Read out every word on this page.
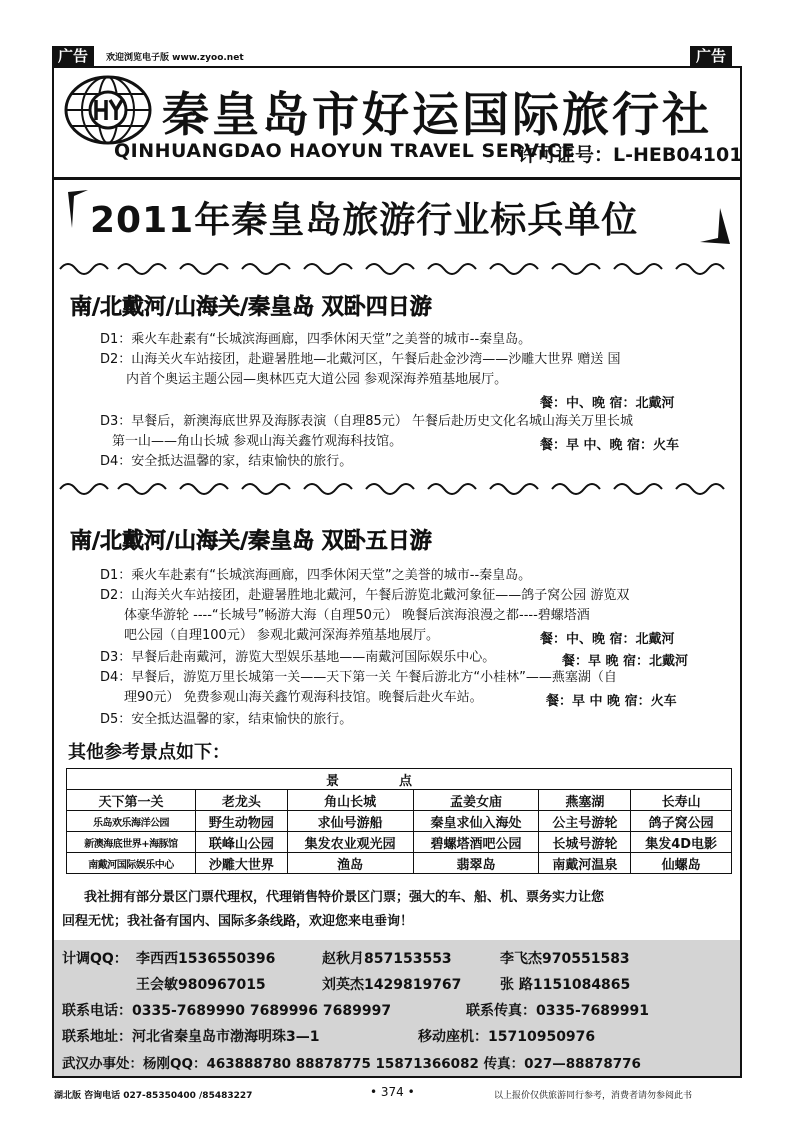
广告	欢迎浏览电子版 www.zyoo.net	广告
秦皇岛市好运国际旅行社
QINHUANGDAO HAOYUN TRAVEL SERVICE
许可证号：L-HEB04101
2011年秦皇岛旅游行业标兵单位
南/北戴河/山海关/秦皇岛 双卧四日游
D1：乘火车赴素有“长城滨海画廊，四季休闲天堂”之美誉的城市--秦皇岛。
D2：山海关火车站接团，赴避暑胜地—北戴河区，午餐后赴金沙湾——沙雕大世界 赠送 国
内首个奥运主题公园—奥林匹克大道公园 参观深海养殖基地展厅。
餐：中、晚 宿：北戴河
D3：早餐后，新澳海底世界及海豚表演（自理85元） 午餐后赴历史文化名城山海关万里长城
第一山——角山长城 参观山海关鑫竹观海科技馆。	餐：早 中、晚 宿：火车
D4：安全抵达温馨的家，结束愉快的旅行。
南/北戴河/山海关/秦皇岛 双卧五日游
D1：乘火车赴素有“长城滨海画廊，四季休闲天堂”之美誉的城市--秦皇岛。
D2：山海关火车站接团，赴避暑胜地北戴河，午餐后游览北戴河象征——鸽子窝公园 游览双
体豪华游轮 ----“长城号”畅游大海（自理50元） 晚餐后滨海浪漫之都----碧螺塔酒
吧公园（自理100元） 参观北戴河深海养殖基地展厅。	餐：中、晚 宿：北戴河
D3：早餐后赴南戴河，游览大型娱乐基地——南戴河国际娱乐中心。	餐：早 晚 宿：北戴河
D4：早餐后，游览万里长城第一关——天下第一关 午餐后游北方“小桂林”——燕塞湖（自
理90元） 免费参观山海关鑫竹观海科技馆。晚餐后赴火车站。	餐：早 中 晚 宿：火车
D5：安全抵达温馨的家，结束愉快的旅行。
其他参考景点如下：
景点					
天下第一关	老龙头	角山长城	孟姜女庙	燕塞湖	长寿山
乐岛欢乐海洋公园	野生动物园	求仙号游船	秦皇求仙入海处	公主号游轮	鸽子窝公园
新澳海底世界+海豚馆	联峰山公园	集发农业观光园	碧螺塔酒吧公园	长城号游轮	集发4D电影
南戴河国际娱乐中心	沙雕大世界	渔岛	翡翠岛	南戴河温泉	仙螺岛
我社拥有部分景区门票代理权，代理销售特价景区门票；强大的车、船、机、票务实力让您
回程无忧；我社备有国内、国际多条线路，欢迎您来电垂询！
计调QQ： 李西西1536550396	赵秋月857153553	李飞杰970551583
王会敏980967015	刘英杰1429819767	张 路1151084865
联系电话：0335-7689990 7689996 7689997	联系传真：0335-7689991
联系地址：河北省秦皇岛市渤海明珠3—1	移动座机：15710950976
武汉办事处：杨刚QQ：463888780 88878775 15871366082 传真：027—88878776
湖北版 咨询电话 027-85350400 /85483227	• 374 •	以上报价仅供旅游同行参考，消费者请勿参阅此书
